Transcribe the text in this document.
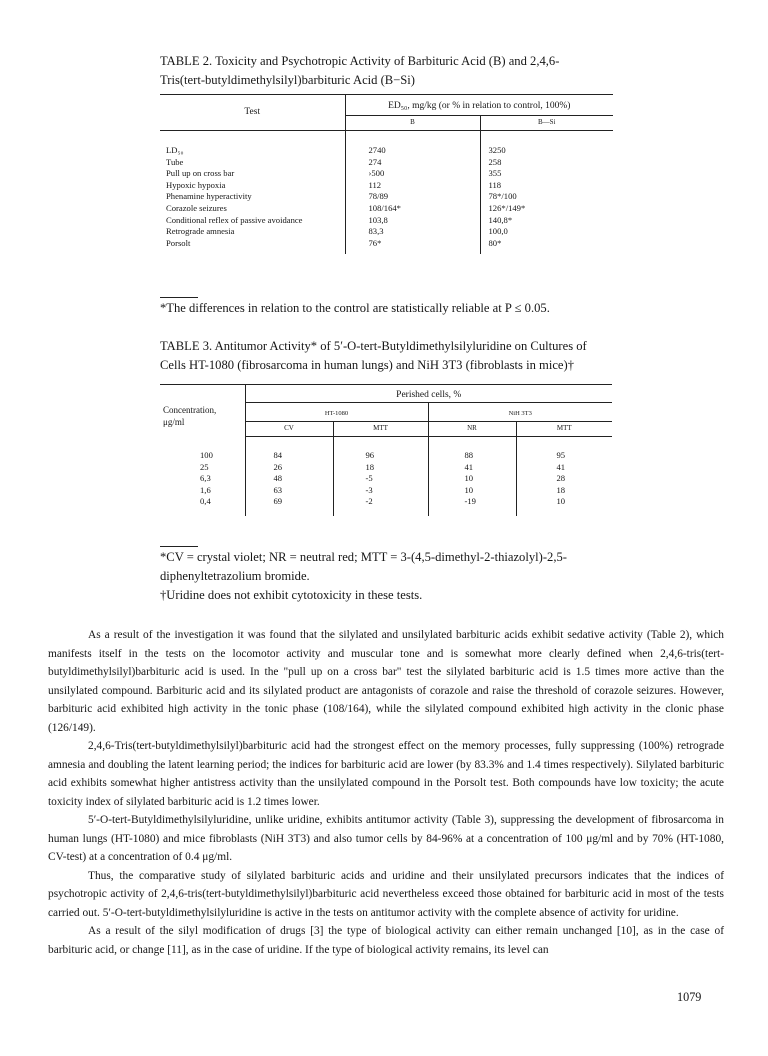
TABLE 2. Toxicity and Psychotropic Activity of Barbituric Acid (B) and 2,4,6-
Tris(tert-butyldimethylsilyl)barbituric Acid (B−Si)
Test	ED₅₀, mg/kg (or % in relation to control, 100%)	
	B	B—Si

LD₅₀	2740	3250
Tube	274	258
Pull up on cross bar	›500	355
Hypoxic hypoxia	112	118
Phenamine hyperactivity	78/89	78*/100
Corazole seizures	108/164*	126*/149*
Conditional reflex of passive avoidance	103,8	140,8*
Retrograde amnesia	83,3	100,0
Porsolt	76*	80*
*The differences in relation to the control are statistically reliable at P ≤ 0.05.
TABLE 3. Antitumor Activity* of 5′-O-tert-Butyldimethylsilyluridine on Cultures of
Cells HT-1080 (fibrosarcoma in human lungs) and NiH 3T3 (fibroblasts in mice)†
Concentration,
μg/ml	Perished cells, %			
	HT-1080		NiH 3T3	
	CV	MTT	NR	MTT

100	84	96	88	95
25	26	18	41	41
6,3	48	-5	10	28
1,6	63	-3	10	18
0,4	69	-2	-19	10
*CV = crystal violet; NR = neutral red; MTT = 3-(4,5-dimethyl-2-thiazolyl)-2,5-
diphenyltetrazolium bromide.
†Uridine does not exhibit cytotoxicity in these tests.

As a result of the investigation it was found that the silylated and unsilylated barbituric acids exhibit sedative activity (Table 2), which manifests itself in the tests on the locomotor activity and muscular tone and is somewhat more clearly defined when 2,4,6-tris(tert-butyldimethylsilyl)barbituric acid is used. In the "pull up on a cross bar" test the silylated barbituric acid is 1.5 times more active than the unsilylated compound. Barbituric acid and its silylated product are antagonists of corazole and raise the threshold of corazole seizures. However, barbituric acid exhibited high activity in the tonic phase (108/164), while the silylated compound exhibited high activity in the clonic phase (126/149).

2,4,6-Tris(tert-butyldimethylsilyl)barbituric acid had the strongest effect on the memory processes, fully suppressing (100%) retrograde amnesia and doubling the latent learning period; the indices for barbituric acid are lower (by 83.3% and 1.4 times respectively). Silylated barbituric acid exhibits somewhat higher antistress activity than the unsilylated compound in the Porsolt test. Both compounds have low toxicity; the acute toxicity index of silylated barbituric acid is 1.2 times lower.

5′-O-tert-Butyldimethylsilyluridine, unlike uridine, exhibits antitumor activity (Table 3), suppressing the development of fibrosarcoma in human lungs (HT-1080) and mice fibroblasts (NiH 3T3) and also tumor cells by 84-96% at a concentration of 100 μg/ml and by 70% (HT-1080, CV-test) at a concentration of 0.4 μg/ml.

Thus, the comparative study of silylated barbituric acids and uridine and their unsilylated precursors indicates that the indices of psychotropic activity of 2,4,6-tris(tert-butyldimethylsilyl)barbituric acid nevertheless exceed those obtained for barbituric acid in most of the tests carried out. 5′-O-tert-butyldimethylsilyluridine is active in the tests on antitumor activity with the complete absence of activity for uridine.

As a result of the silyl modification of drugs [3] the type of biological activity can either remain unchanged [10], as in the case of barbituric acid, or change [11], as in the case of uridine. If the type of biological activity remains, its level can

1079
